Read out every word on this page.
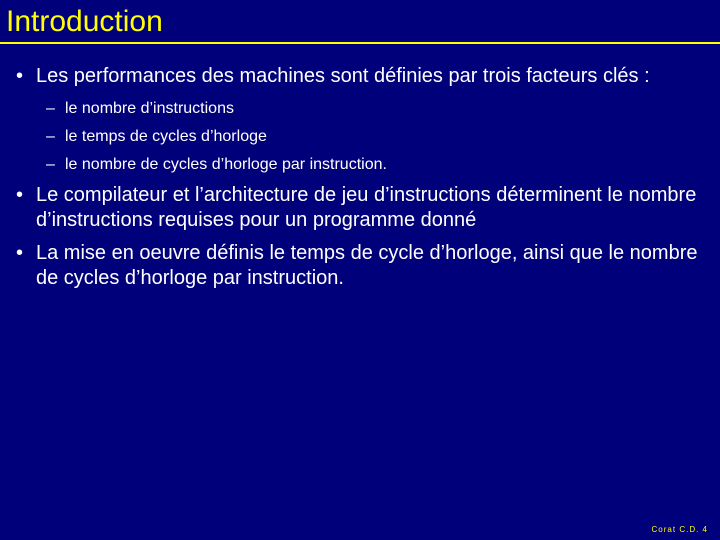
Introduction
• Les performances des machines sont définies par trois facteurs clés :
– le nombre d’instructions
– le temps de cycles d’horloge
– le nombre de cycles d’horloge par instruction.
• Le compilateur et l’architecture de jeu d’instructions déterminent le nombre d’instructions requises pour un programme donné
• La mise en oeuvre définis le temps de cycle d’horloge, ainsi que le nombre de cycles d’horloge par instruction.
Corat C.D. 4
